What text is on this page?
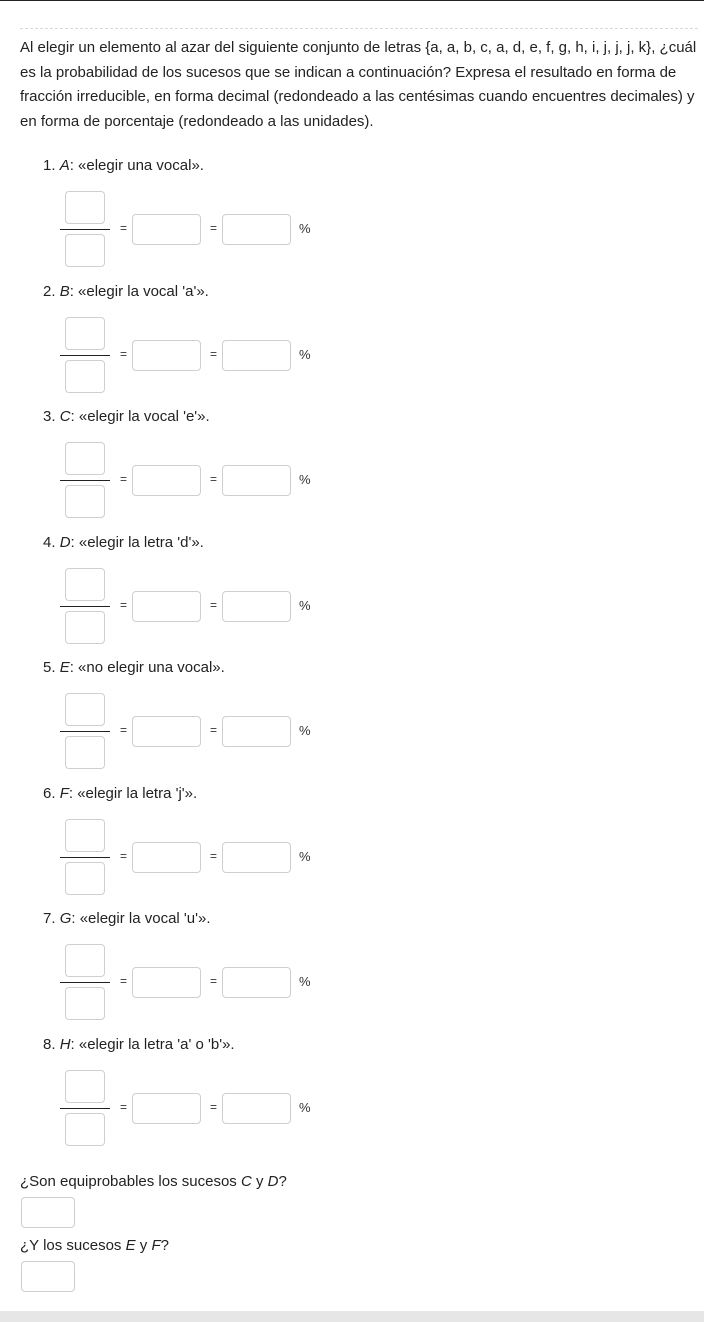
Al elegir un elemento al azar del siguiente conjunto de letras {a, a, b, c, a, d, e, f, g, h, i, j, j, j, k}, ¿cuál es la probabilidad de los sucesos que se indican a continuación? Expresa el resultado en forma de fracción irreducible, en forma decimal (redondeado a las centésimas cuando encuentres decimales) y en forma de porcentaje (redondeado a las unidades).
1. A: «elegir una vocal».
=	=	%
2. B: «elegir la vocal 'a'».
=	=	%
3. C: «elegir la vocal 'e'».
=	=	%
4. D: «elegir la letra 'd'».
=	=	%
5. E: «no elegir una vocal».
=	=	%
6. F: «elegir la letra 'j'».
=	=	%
7. G: «elegir la vocal 'u'».
=	=	%
8. H: «elegir la letra 'a' o 'b'».
=	=	%
¿Son equiprobables los sucesos C y D?
¿Y los sucesos E y F?
